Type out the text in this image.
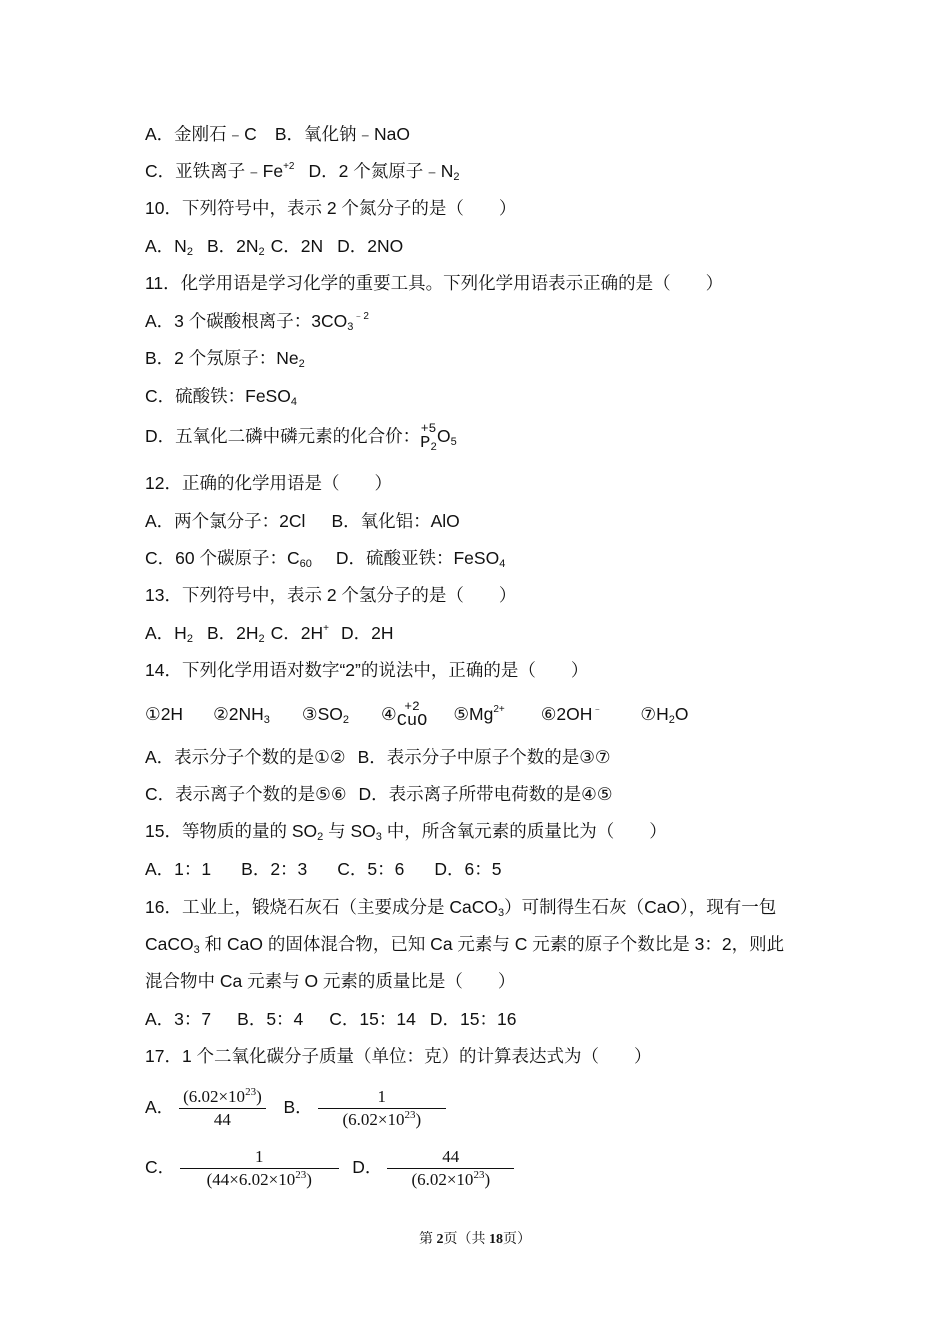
A．金刚石﹣C B．氧化钠﹣NaO
C．亚铁离子$﹣Fe^{+2}$ D．2 个氮原子$﹣N_2$
10．下列符号中，表示 2 个氮分子的是（　　）
A．$N_2$ B．$2N_2$ C．2N D．2NO
11．化学用语是学习化学的重要工具。下列化学用语表示正确的是（　　）
A．3 个碳酸根离子：$3CO_3^{﹣2}$
B．2 个氖原子：$Ne_2$
C．硫酸铁：FeSO$_4$
D．五氧化二磷中磷元素的化合价： +5
$P_2$
$O_5$
12．正确的化学用语是（　　）
A．两个氯分子：2Cl B．氧化铝：AlO
C．60 个碳原子：$C_{60}$ D．硫酸亚铁：FeSO$_4$
13．下列符号中，表示 2 个氢分子的是（　　）
A．$H_2$ B．$2H_2$ C．2H+ D．2H
14．下列化学用语对数字“2”的说法中，正确的是（　　）
①2H $②2NH_3$ $③SO_2$ ④ +2
CuO $⑤Mg^{2+}$ ⑥2OH﹣ $⑦H_2O$
A．表示分子个数的是①② B．表示分子中原子个数的是③⑦
C．表示离子个数的是⑤⑥ D．表示离子所带电荷数的是④⑤
15．等物质的量的 $SO_2$ 与 $SO_3$ 中，所含氧元素的质量比为（　　）
A．1：1 B．2：3 C．5：6 D．6：5
16．工业上，锻烧石灰石（主要成分是 CaCO$_3$）可制得生石灰（CaO），现有一包
CaCO$_3$ 和 CaO 的固体混合物，已知 Ca 元素与 C 元素的原子个数比是 3：2，则此
混合物中 Ca 元素与 O 元素的质量比是（　　）
A．3：7 B．5：4 C．15：14 D．15：16
17．1 个二氧化碳分子质量（单位：克）的计算表达式为（　　）
A． $\frac{(6.02\times 10^{23})}{44}$ B． $\frac{1}{(6.02\times 10^{23})}$
C． $\frac{1}{(44\times 6.02\times 10^{23})}$ D． $\frac{44}{(6.02\times 10^{23})}$
第 2页（共 18页）
